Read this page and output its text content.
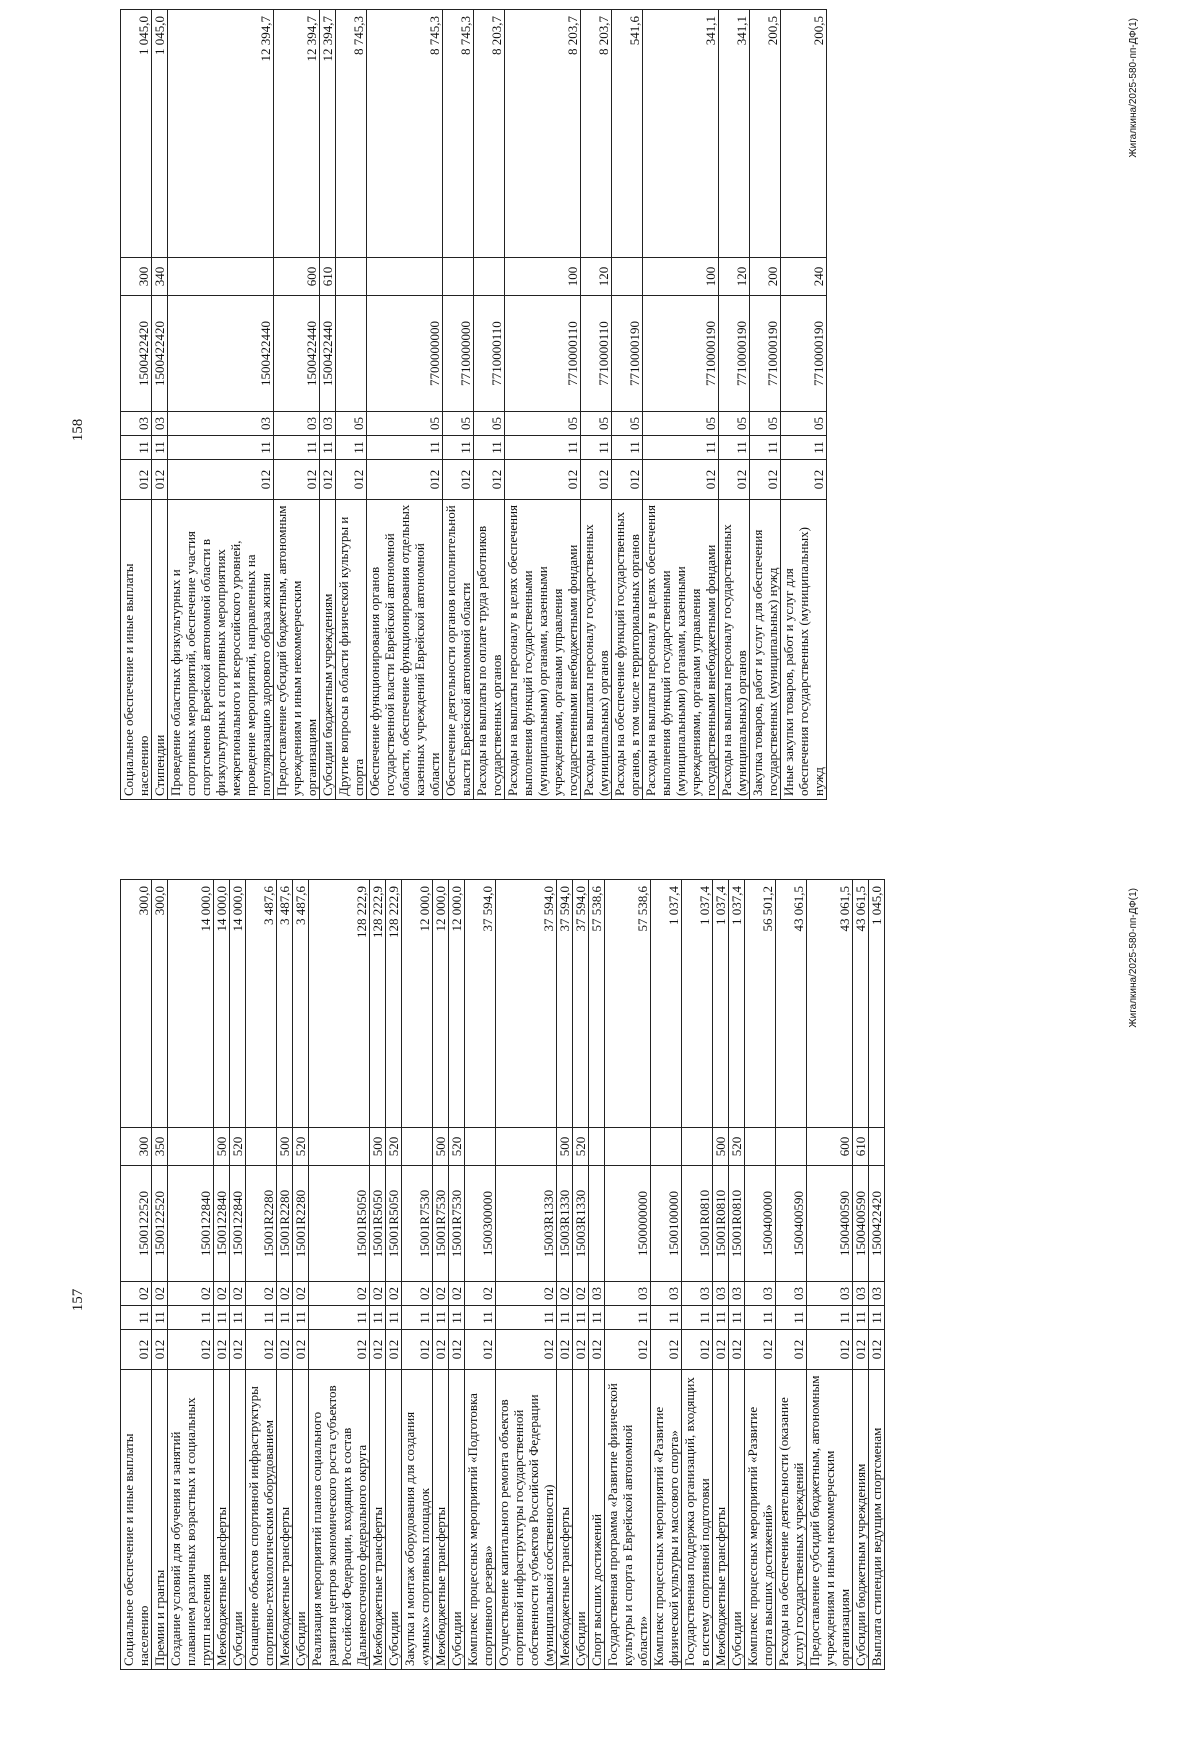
157
Социальное обеспечение и иные выплаты населению	012	11	02	1500122520	300	300,0
Премии и гранты	012	11	02	1500122520	350	300,0
Создание условий для обучения и занятий плаванием различных возрастных и социальных групп населения	012	11	02	1500122840		14 000,0
Межбюджетные трансферты	012	11	02	1500122840	500	14 000,0
Субсидии	012	11	02	1500122840	520	14 000,0
Оснащение объектов спортивной инфраструктуры спортивно-технологическим оборудованием	012	11	02	15001R2280		3 487,6
Межбюджетные трансферты	012	11	02	15001R2280	500	3 487,6
Субсидии	012	11	02	15001R2280	520	3 487,6
Реализация мероприятий планов социального развития центров экономического роста субъектов Российской Федерации, входящих в состав Дальневосточного федерального округа	012	11	02	15001R5050		128 222,9
Межбюджетные трансферты	012	11	02	15001R5050	500	128 222,9
Субсидии	012	11	02	15001R5050	520	128 222,9
Закупка и монтаж оборудования для создания «умных» спортивных площадок	012	11	02	15001R7530		12 000,0
Межбюджетные трансферты	012	11	02	15001R7530	500	12 000,0
Субсидии	012	11	02	15001R7530	520	12 000,0
Комплекс процессных мероприятий «Подготовка спортивного резерва»	012	11	02	1500300000		37 594,0
Осуществление капитального ремонта объектов спортивной инфраструктуры государственной собственности субъектов Российской Федерации (муниципальной собственности)	012	11	02	15003R1330		37 594,0
Межбюджетные трансферты	012	11	02	15003R1330	500	37 594,0
Субсидии	012	11	02	15003R1330	520	37 594,0
Спорт высших достижений	012	11	03			57 538,6
Государственная программа «Развитие физической культуры и спорта в Еврейской автономной области»	012	11	03	1500000000		57 538,6
Комплекс процессных мероприятий «Развитие физической культуры и массового спорта»	012	11	03	1500100000		1 037,4
Государственная поддержка организаций, входящих в систему спортивной подготовки	012	11	03	15001R0810		1 037,4
Межбюджетные трансферты	012	11	03	15001R0810	500	1 037,4
Субсидии	012	11	03	15001R0810	520	1 037,4
Комплекс процессных мероприятий «Развитие спорта высших достижений»	012	11	03	1500400000		56 501,2
Расходы на обеспечение деятельности (оказание услуг) государственных учреждений	012	11	03	1500400590		43 061,5
Предоставление субсидий бюджетным, автономным учреждениям и иным некоммерческим организациям	012	11	03	1500400590	600	43 061,5
Субсидии бюджетным учреждениям	012	11	03	1500400590	610	43 061,5
Выплата стипендии ведущим спортсменам	012	11	03	1500422420		1 045,0	Жигалкина/2025-580-пп-ДФ(1)
158
Социальное обеспечение и иные выплаты населению	012	11	03	1500422420	300	1 045,0
Стипендии	012	11	03	1500422420	340	1 045,0
Проведение областных физкультурных и спортивных мероприятий, обеспечение участия спортсменов Еврейской автономной области в физкультурных и спортивных мероприятиях межрегионального и всероссийского уровней, проведение мероприятий, направленных на популяризацию здорового образа жизни	012	11	03	1500422440		12 394,7
Предоставление субсидий бюджетным, автономным учреждениям и иным некоммерческим организациям	012	11	03	1500422440	600	12 394,7
Субсидии бюджетным учреждениям	012	11	03	1500422440	610	12 394,7
Другие вопросы в области физической культуры и спорта	012	11	05			8 745,3
Обеспечение функционирования органов государственной власти Еврейской автономной области, обеспечение функционирования отдельных казенных учреждений Еврейской автономной области	012	11	05	7700000000		8 745,3
Обеспечение деятельности органов исполнительной власти Еврейской автономной области	012	11	05	7710000000		8 745,3
Расходы на выплаты по оплате труда работников государственных органов	012	11	05	7710000110		8 203,7
Расходы на выплаты персоналу в целях обеспечения выполнения функций государственными (муниципальными) органами, казенными учреждениями, органами управления государственными внебюджетными фондами	012	11	05	7710000110	100	8 203,7
Расходы на выплаты персоналу государственных (муниципальных) органов	012	11	05	7710000110	120	8 203,7
Расходы на обеспечение функций государственных органов, в том числе территориальных органов	012	11	05	7710000190		541,6
Расходы на выплаты персоналу в целях обеспечения выполнения функций государственными (муниципальными) органами, казенными учреждениями, органами управления государственными внебюджетными фондами	012	11	05	7710000190	100	341,1
Расходы на выплаты персоналу государственных (муниципальных) органов	012	11	05	7710000190	120	341,1
Закупка товаров, работ и услуг для обеспечения государственных (муниципальных) нужд	012	11	05	7710000190	200	200,5
Иные закупки товаров, работ и услуг для обеспечения государственных (муниципальных) нужд	012	11	05	7710000190	240	200,5	Жигалкина/2025-580-пп-ДФ(1)
